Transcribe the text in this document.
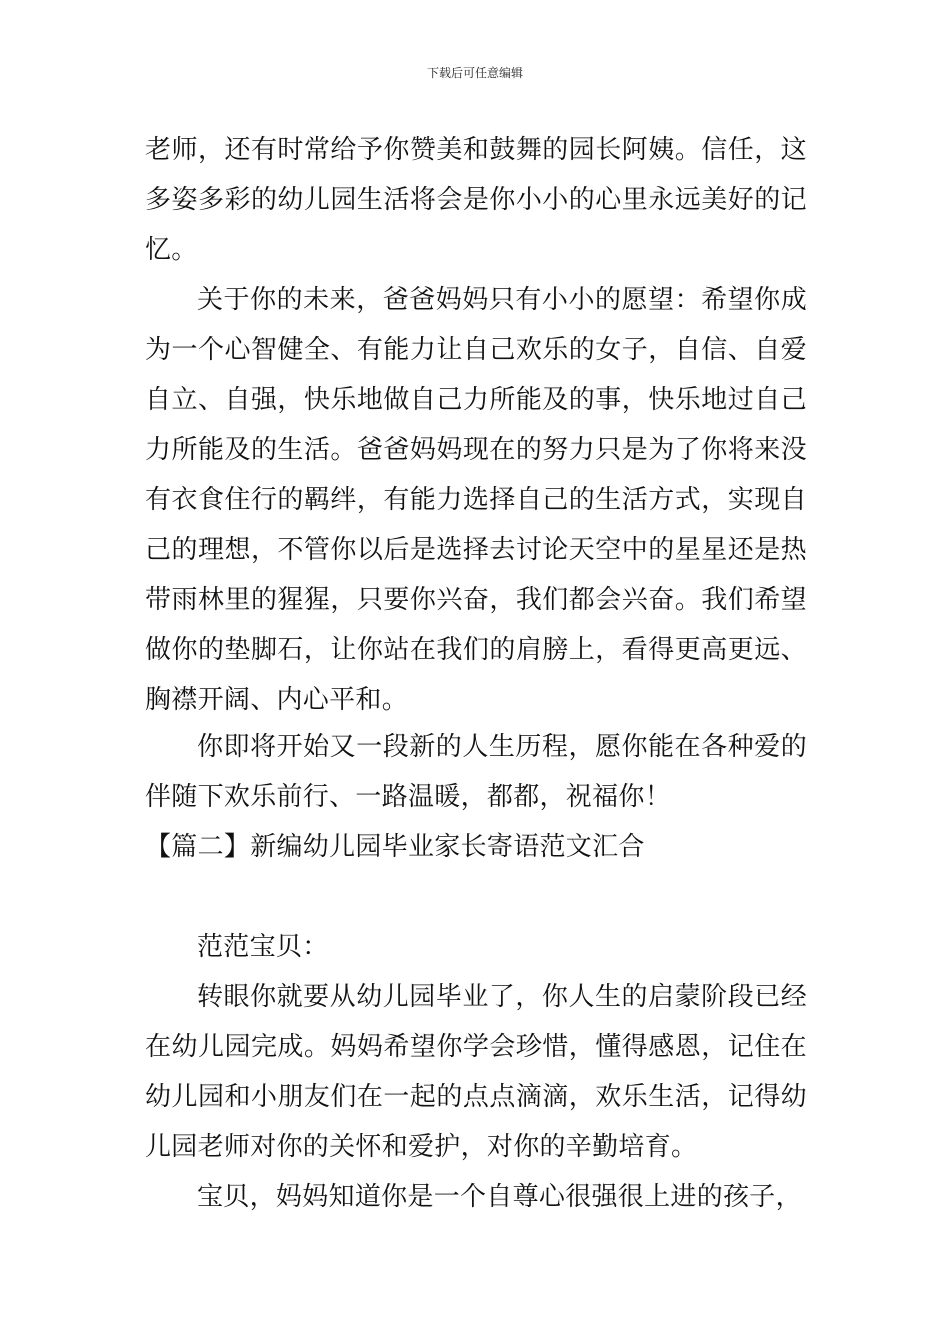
下载后可任意编辑

老师，还有时常给予你赞美和鼓舞的园长阿姨。信任，这多姿多彩的幼儿园生活将会是你小小的心里永远美好的记忆。

关于你的未来，爸爸妈妈只有小小的愿望：希望你成为一个心智健全、有能力让自己欢乐的女子，自信、自爱自立、自强，快乐地做自己力所能及的事，快乐地过自己力所能及的生活。爸爸妈妈现在的努力只是为了你将来没有衣食住行的羁绊，有能力选择自己的生活方式，实现自己的理想，不管你以后是选择去讨论天空中的星星还是热带雨林里的猩猩，只要你兴奋，我们都会兴奋。我们希望做你的垫脚石，让你站在我们的肩膀上，看得更高更远、胸襟开阔、内心平和。

你即将开始又一段新的人生历程，愿你能在各种爱的伴随下欢乐前行、一路温暖，都都，祝福你！

【篇二】新编幼儿园毕业家长寄语范文汇合
范范宝贝：

转眼你就要从幼儿园毕业了，你人生的启蒙阶段已经在幼儿园完成。妈妈希望你学会珍惜，懂得感恩，记住在幼儿园和小朋友们在一起的点点滴滴，欢乐生活，记得幼儿园老师对你的关怀和爱护，对你的辛勤培育。

宝贝，妈妈知道你是一个自尊心很强很上进的孩子，
